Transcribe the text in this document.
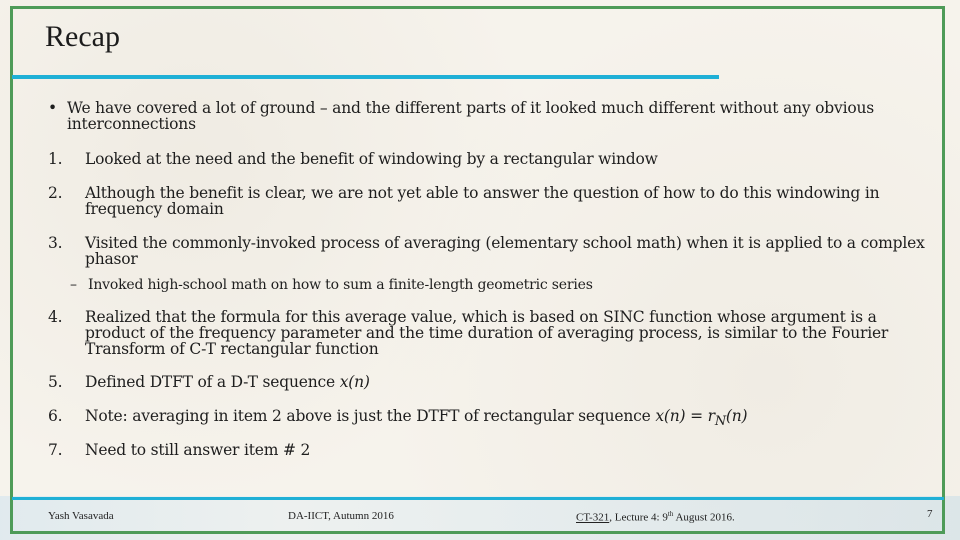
Recap
• We have covered a lot of ground – and the different parts of it looked much different without any obvious interconnections
1. Looked at the need and the benefit of windowing by a rectangular window
2. Although the benefit is clear, we are not yet able to answer the question of how to do this windowing in frequency domain
3. Visited the commonly-invoked process of averaging (elementary school math) when it is applied to a complex phasor
– Invoked high-school math on how to sum a finite-length geometric series
4. Realized that the formula for this average value, which is based on SINC function whose argument is a product of the frequency parameter and the time duration of averaging process, is similar to the Fourier Transform of C-T rectangular function
5. Defined DTFT of a D-T sequence x(n)
6. Note: averaging in item 2 above is just the DTFT of rectangular sequence $x(n) = r_N(n)$
7. Need to still answer item # 2
Yash Vasavada	DA-IICT, Autumn 2016	CT-321, Lecture 4: 9th August 2016.	7
